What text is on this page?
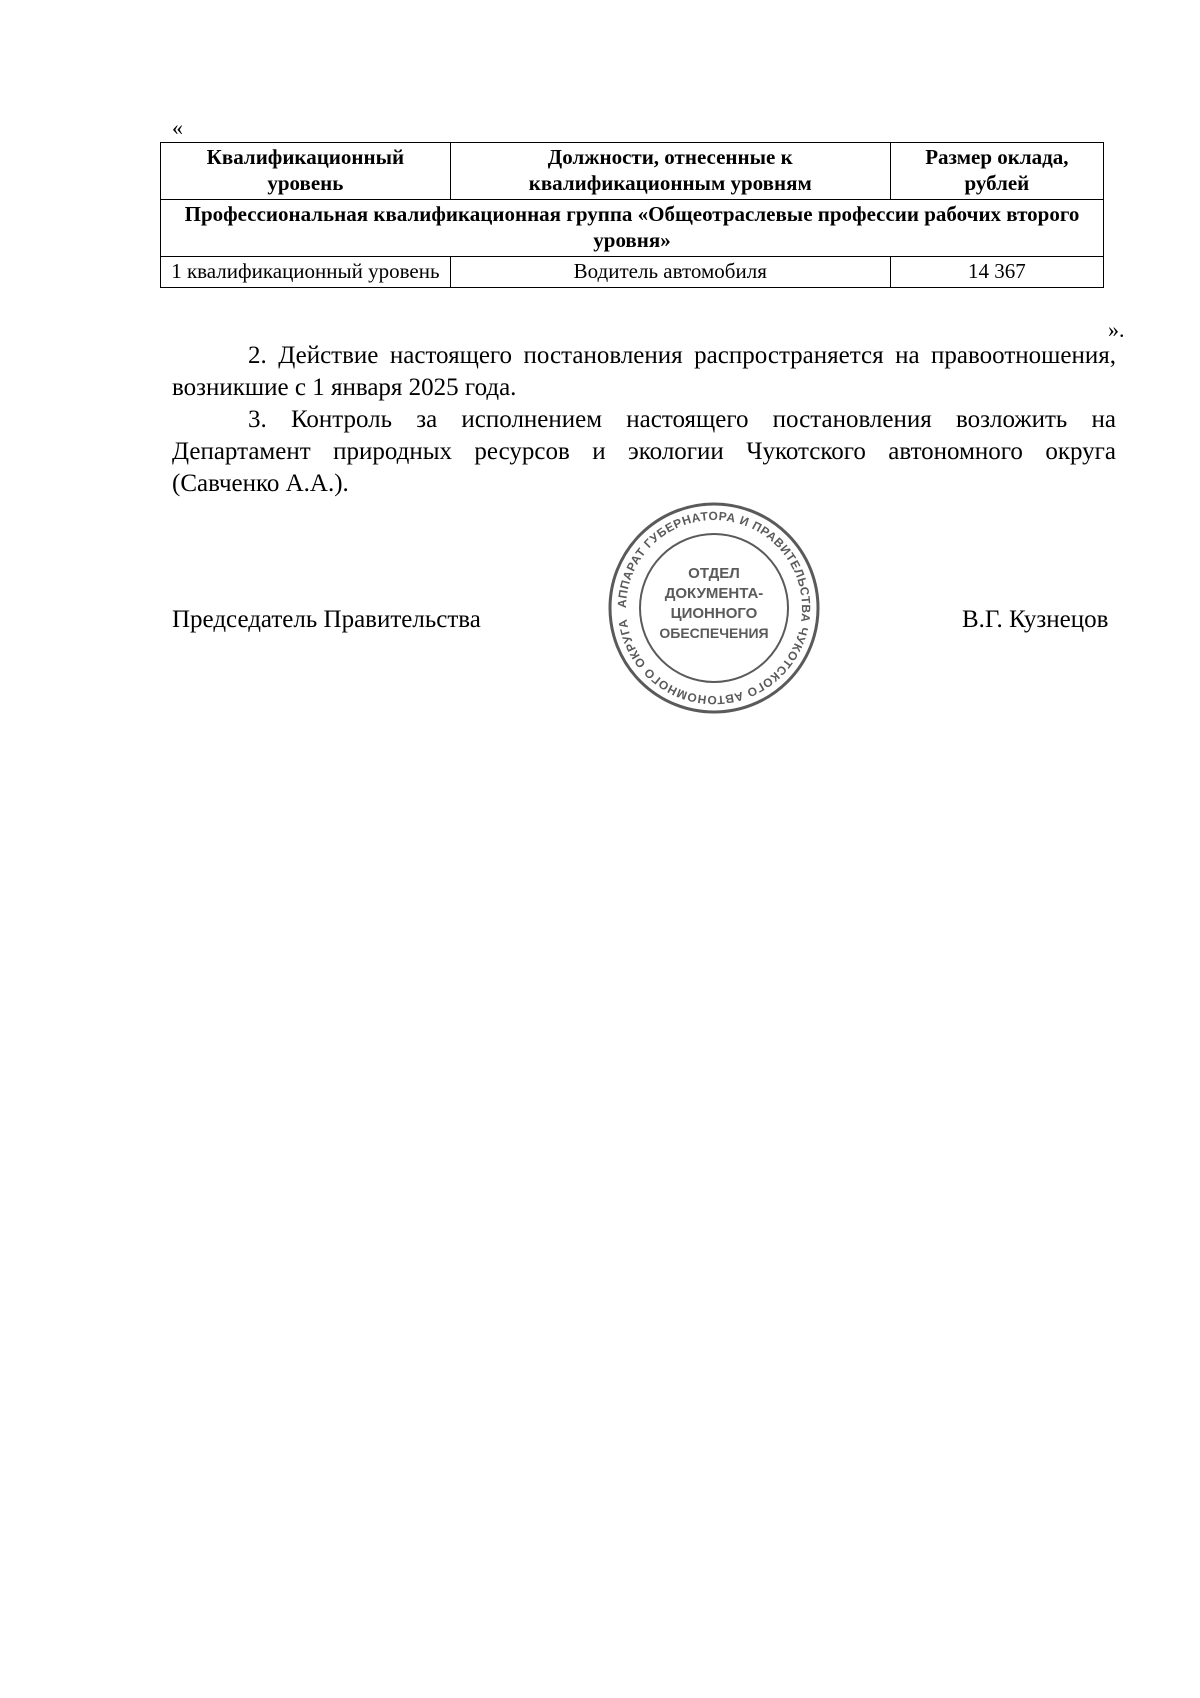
«
Квалификационный уровень	Должности, отнесенные к квалификационным уровням	Размер оклада, рублей
Профессиональная квалификационная группа «Общеотраслевые профессии рабочих второго уровня»		
1 квалификационный уровень	Водитель автомобиля	14 367
».

2. Действие настоящего постановления распространяется на правоотношения, возникшие с 1 января 2025 года.

3. Контроль за исполнением настоящего постановления возложить на Департамент природных ресурсов и экологии Чукотского автономного округа (Савченко А.А.).

Председатель Правительства
АППАРАТ ГУБЕРНАТОРА И ПРАВИТЕЛЬСТВА ЧУКОТСКОГО АВТОНОМНОГО ОКРУГА
ОТДЕЛ
ДОКУМЕНТА-
ЦИОННОГО
ОБЕСПЕЧЕНИЯ	В.Г. Кузнецов
